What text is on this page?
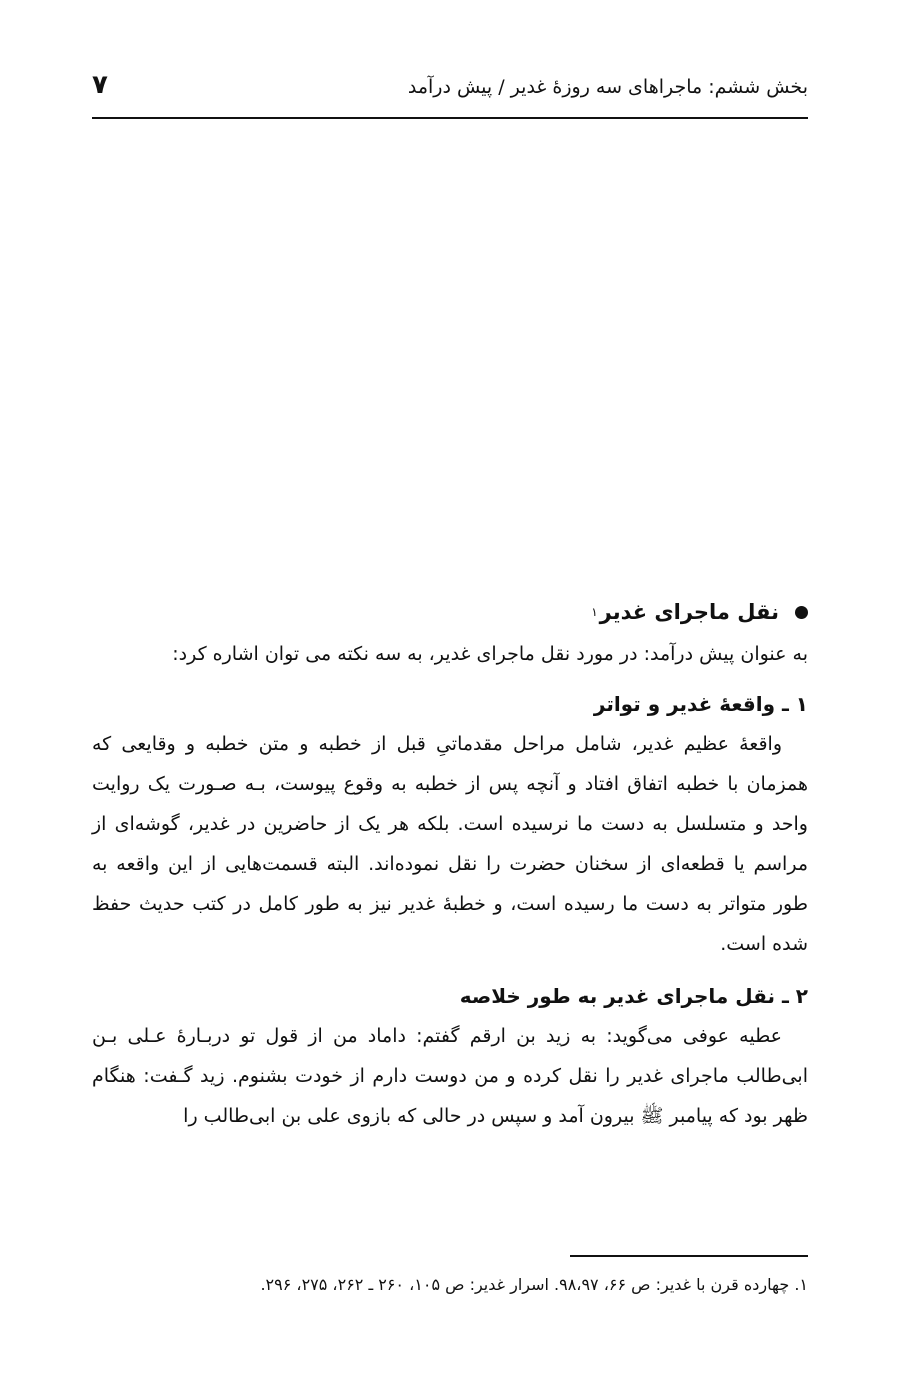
بخش ششم: ماجراهای سه روزهٔ غدیر / پیش درآمد
۷
نقل ماجرای غدیر
۱

به عنوان پیش درآمد: در مورد نقل ماجرای غدیر، به سه نکته می توان اشاره کرد:

۱ ـ واقعهٔ غدیر و تواتر

واقعهٔ عظیم غدیر، شامل مراحل مقدماتیِ قبل از خطبه و متن خطبه و وقایعی که همزمان با خطبه اتفاق افتاد و آنچه پس از خطبه به وقوع پیوست، بـه صـورت یک روایت واحد و متسلسل به دست ما نرسیده است. بلکه هر یک از حاضرین در غدیر، گوشه‌ای از مراسم یا قطعه‌ای از سخنان حضرت را نقل نموده‌اند. البته قسمت‌هایی از این واقعه به طور متواتر به دست ما رسیده است، و خطبهٔ غدیر نیز به طور کامل در کتب حدیث حفظ شده است.

۲ ـ نقل ماجرای غدیر به طور خلاصه

عطیه عوفی می‌گوید: به زید بن ارقم گفتم: داماد من از قول تو دربـارهٔ عـلی بـن ابی‌طالب ماجرای غدیر را نقل کرده و من دوست دارم از خودت بشنوم. زید گـفت: هنگام ظهر بود که پیامبر ﷺ بیرون آمد و سپس در حالی که بازوی علی بن ابی‌طالب را

۱. چهارده قرن با غدیر: ص ۶۶، ۹۸،۹۷. اسرار غدیر: ص ۱۰۵، ۲۶۰ ـ ۲۶۲، ۲۷۵، ۲۹۶.
